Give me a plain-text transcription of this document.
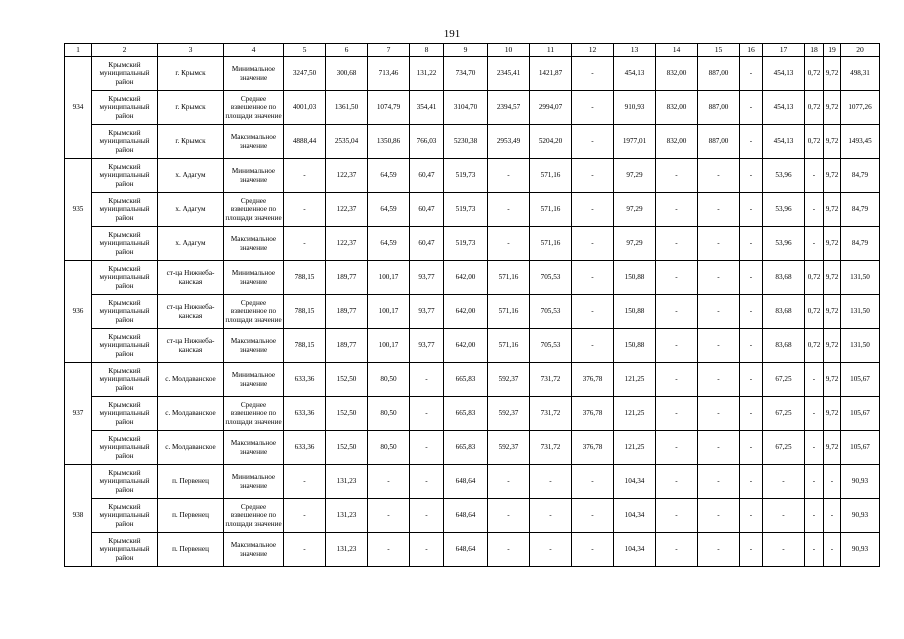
191
1	2	3	4	5	6	7	8	9	10	11	12	13	14	15	16	17	18	19	20
934	Крымский муниципальный район	г. Крымск	Минимальное значение	3247,50	300,68	713,46	131,22	734,70	2345,41	1421,87	-	454,13	832,00	887,00	-	454,13	0,72	9,72	498,31
	Крымский муниципальный район	г. Крымск	Среднее взвешенное по площади значение	4001,03	1361,50	1074,79	354,41	3104,70	2394,57	2994,07	-	910,93	832,00	887,00	-	454,13	0,72	9,72	1077,26
	Крымский муниципальный район	г. Крымск	Максимальное значение	4888,44	2535,04	1350,86	766,03	5230,38	2953,49	5204,20	-	1977,01	832,00	887,00	-	454,13	0,72	9,72	1493,45
935	Крымский муниципальный район	х. Адагум	Минимальное значение	-	122,37	64,59	60,47	519,73	-	571,16	-	97,29	-	-	-	53,96	-	9,72	84,79
	Крымский муниципальный район	х. Адагум	Среднее взвешенное по площади значение	-	122,37	64,59	60,47	519,73	-	571,16	-	97,29	-	-	-	53,96	-	9,72	84,79
	Крымский муниципальный район	х. Адагум	Максимальное значение	-	122,37	64,59	60,47	519,73	-	571,16	-	97,29	-	-	-	53,96	-	9,72	84,79
936	Крымский муниципальный район	ст-ца Нижнеба-канская	Минимальное значение	788,15	189,77	100,17	93,77	642,00	571,16	705,53	-	150,88	-	-	-	83,68	0,72	9,72	131,50
	Крымский муниципальный район	ст-ца Нижнеба-канская	Среднее взвешенное по площади значение	788,15	189,77	100,17	93,77	642,00	571,16	705,53	-	150,88	-	-	-	83,68	0,72	9,72	131,50
	Крымский муниципальный район	ст-ца Нижнеба-канская	Максимальное значение	788,15	189,77	100,17	93,77	642,00	571,16	705,53	-	150,88	-	-	-	83,68	0,72	9,72	131,50
937	Крымский муниципальный район	с. Молдаванское	Минимальное значение	633,36	152,50	80,50	-	665,83	592,37	731,72	376,78	121,25	-	-	-	67,25	-	9,72	105,67
	Крымский муниципальный район	с. Молдаванское	Среднее взвешенное по площади значение	633,36	152,50	80,50	-	665,83	592,37	731,72	376,78	121,25	-	-	-	67,25	-	9,72	105,67
	Крымский муниципальный район	с. Молдаванское	Максимальное значение	633,36	152,50	80,50	-	665,83	592,37	731,72	376,78	121,25	-	-	-	67,25	-	9,72	105,67
938	Крымский муниципальный район	п. Первенец	Минимальное значение	-	131,23	-	-	648,64	-	-	-	104,34	-	-	-	-	-	-	90,93
	Крымский муниципальный район	п. Первенец	Среднее взвешенное по площади значение	-	131,23	-	-	648,64	-	-	-	104,34	-	-	-	-	-	-	90,93
	Крымский муниципальный район	п. Первенец	Максимальное значение	-	131,23	-	-	648,64	-	-	-	104,34	-	-	-	-	-	-	90,93
